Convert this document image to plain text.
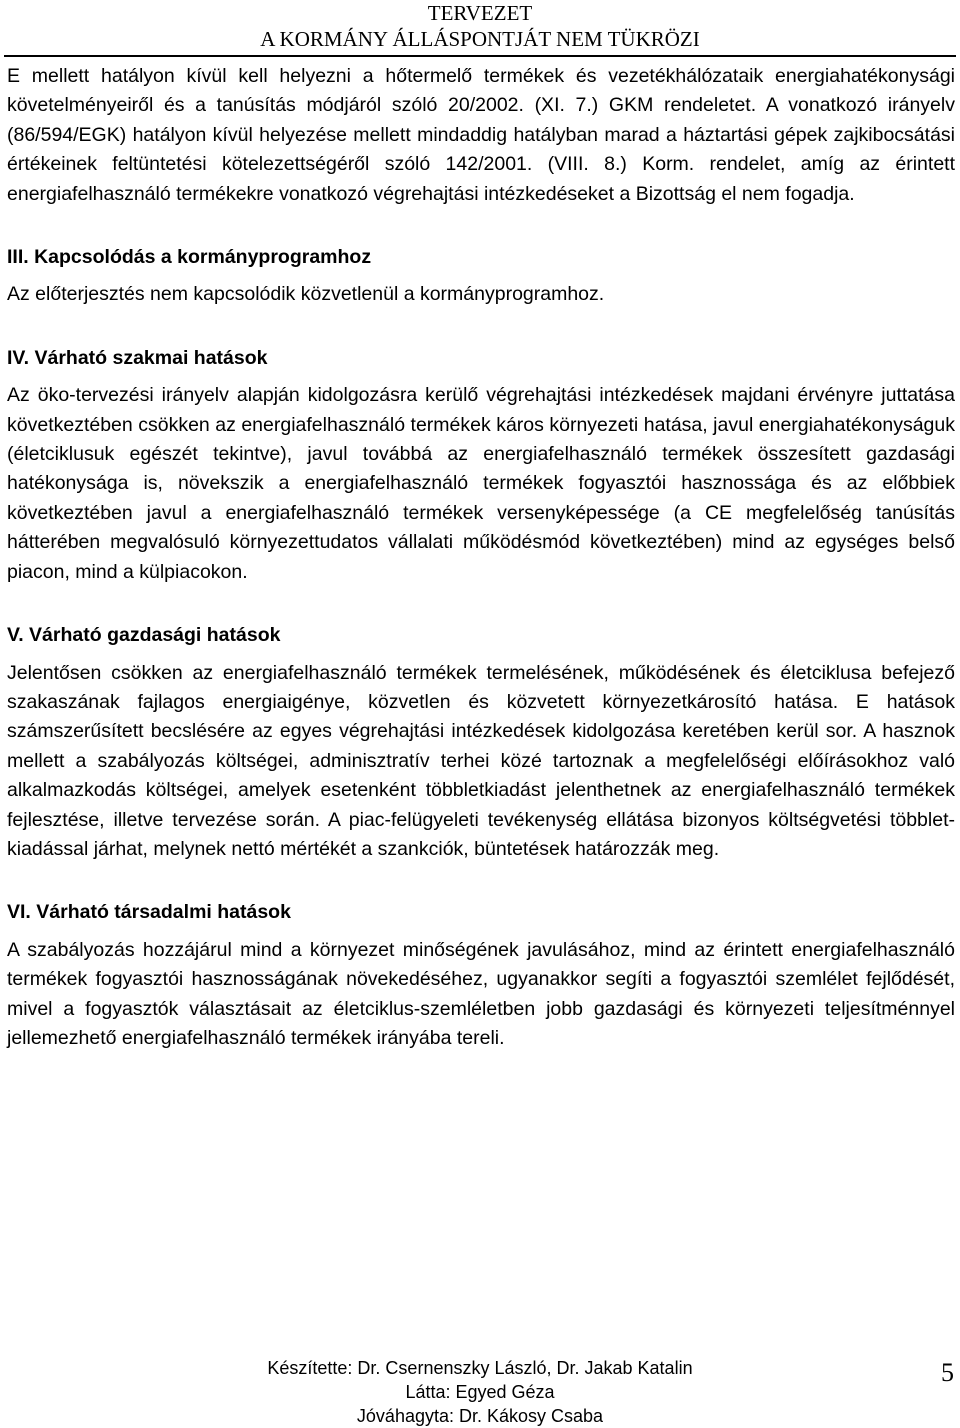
TERVEZET
A KORMÁNY ÁLLÁSPONTJÁT NEM TÜKRÖZI

E mellett hatályon kívül kell helyezni a hőtermelő termékek és vezetékhálózataik energiahatékonysági követelményeiről és a tanúsítás módjáról szóló 20/2002. (XI. 7.) GKM rendeletet. A vonatkozó irányelv (86/594/EGK) hatályon kívül helyezése mellett mindaddig hatályban marad a háztartási gépek zajkibocsátási értékeinek feltüntetési kötelezettségéről szóló 142/2001. (VIII. 8.) Korm. rendelet, amíg az érintett energiafelhasználó termékekre vonatkozó végrehajtási intézkedéseket a Bizottság el nem fogadja.

III. Kapcsolódás a kormányprogramhoz

Az előterjesztés nem kapcsolódik közvetlenül a kormányprogramhoz.

IV. Várható szakmai hatások

Az öko-tervezési irányelv alapján kidolgozásra kerülő végrehajtási intézkedések majdani érvényre juttatása következtében csökken az energiafelhasználó termékek káros környezeti hatása, javul energiahatékonyságuk (életciklusuk egészét tekintve), javul továbbá az energiafelhasználó termékek összesített gazdasági hatékonysága is, növekszik a energiafelhasználó termékek fogyasztói hasznossága és az előbbiek következtében javul a energiafelhasználó termékek versenyképessége (a CE megfelelőség tanúsítás hátterében megvalósuló környezettudatos vállalati működésmód következtében) mind az egységes belső piacon, mind a külpiacokon.

V. Várható gazdasági hatások

Jelentősen csökken az energiafelhasználó termékek termelésének, működésének és életciklusa befejező szakaszának fajlagos energiaigénye, közvetlen és közvetett környezetkárosító hatása. E hatások számszerűsített becslésére az egyes végrehajtási intézkedések kidolgozása keretében kerül sor. A hasznok mellett a szabályozás költségei, adminisztratív terhei közé tartoznak a megfelelőségi előírásokhoz való alkalmazkodás költségei, amelyek esetenként többletkiadást jelenthetnek az energiafelhasználó termékek fejlesztése, illetve tervezése során. A piac-felügyeleti tevékenység ellátása bizonyos költségvetési többlet-kiadással járhat, melynek nettó mértékét a szankciók, büntetések határozzák meg.

VI. Várható társadalmi hatások

A szabályozás hozzájárul mind a környezet minőségének javulásához, mind az érintett energiafelhasználó termékek fogyasztói hasznosságának növekedéséhez, ugyanakkor segíti a fogyasztói szemlélet fejlődését, mivel a fogyasztók választásait az életciklus-szemléletben jobb gazdasági és környezeti teljesítménnyel jellemezhető energiafelhasználó termékek irányába tereli.

Készítette: Dr. Csernenszky László, Dr. Jakab Katalin
Látta: Egyed Géza
Jóváhagyta: Dr. Kákosy Csaba
5
